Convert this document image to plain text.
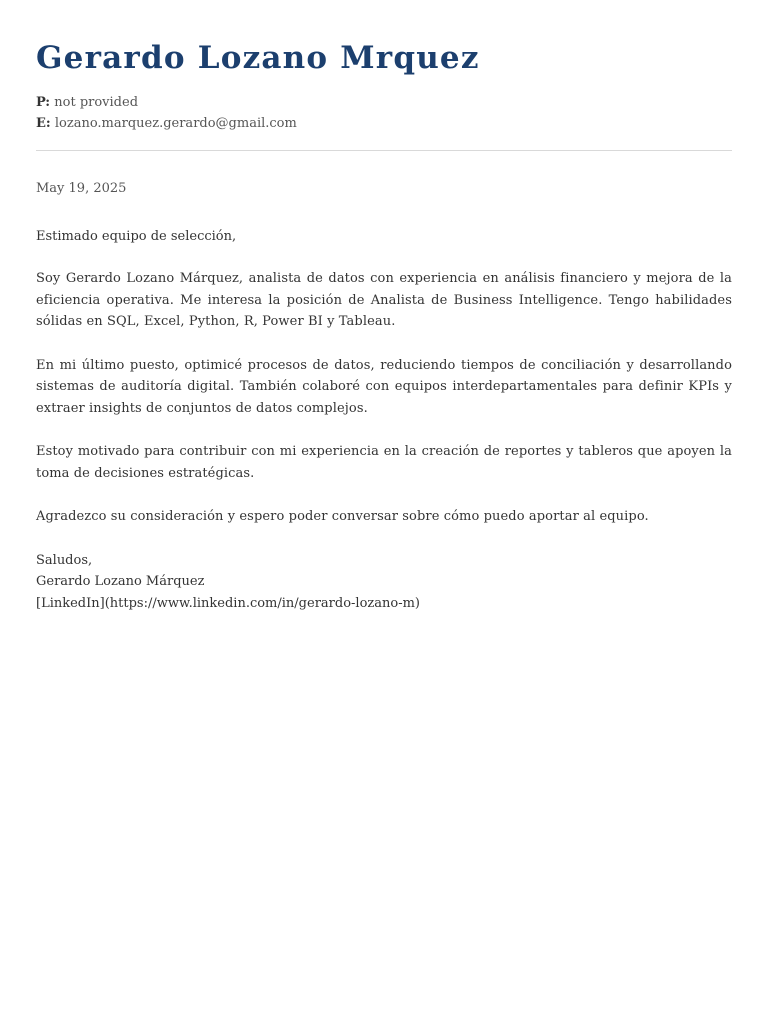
Gerardo Lozano Mrquez
P: not provided
E: lozano.marquez.gerardo@gmail.com
May 19, 2025
Estimado equipo de selección,

Soy Gerardo Lozano Márquez, analista de datos con experiencia en análisis financiero y mejora de la eficiencia operativa. Me interesa la posición de Analista de Business Intelligence. Tengo habilidades sólidas en SQL, Excel, Python, R, Power BI y Tableau.

En mi último puesto, optimicé procesos de datos, reduciendo tiempos de conciliación y desarrollando sistemas de auditoría digital. También colaboré con equipos interdepartamentales para definir KPIs y extraer insights de conjuntos de datos complejos.

Estoy motivado para contribuir con mi experiencia en la creación de reportes y tableros que apoyen la toma de decisiones estratégicas.

Agradezco su consideración y espero poder conversar sobre cómo puedo aportar al equipo.

Saludos,
Gerardo Lozano Márquez
[LinkedIn](https://www.linkedin.com/in/gerardo-lozano-m)
